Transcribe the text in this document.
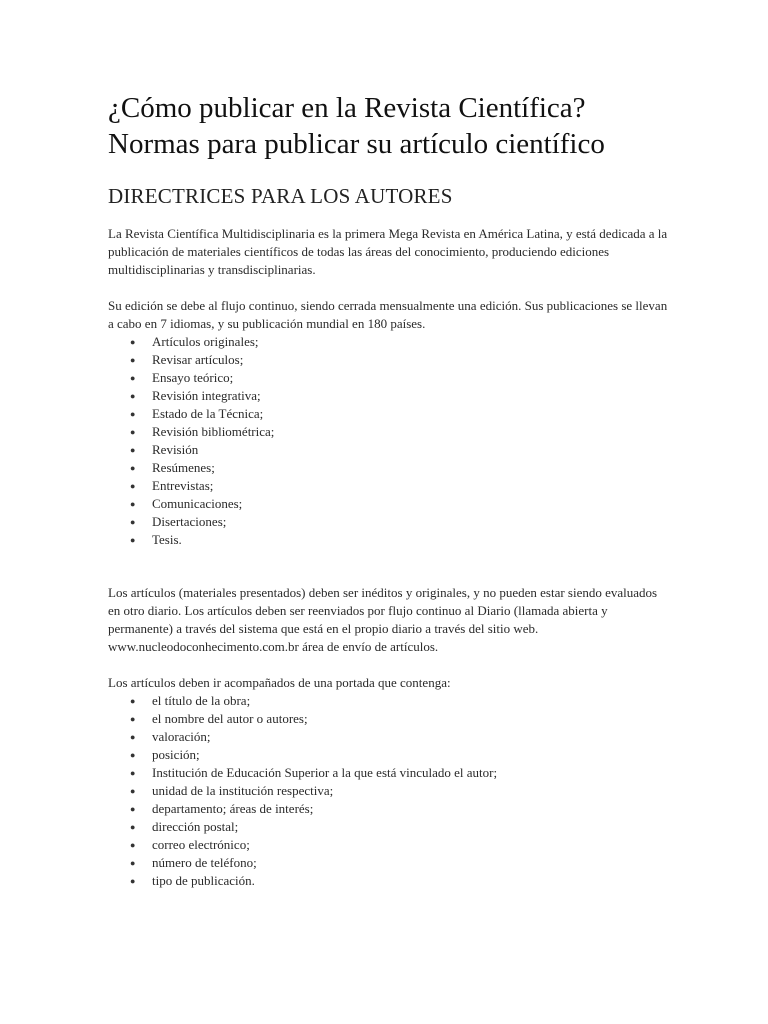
¿Cómo publicar en la Revista Científica?
Normas para publicar su artículo científico
DIRECTRICES PARA LOS AUTORES

La Revista Científica Multidisciplinaria es la primera Mega Revista en América Latina, y está dedicada a la publicación de materiales científicos de todas las áreas del conocimiento, produciendo ediciones multidisciplinarias y transdisciplinarias.

Su edición se debe al flujo continuo, siendo cerrada mensualmente una edición. Sus publicaciones se llevan a cabo en 7 idiomas, y su publicación mundial en 180 países.

● Artículos originales;
● Revisar artículos;
● Ensayo teórico;
● Revisión integrativa;
● Estado de la Técnica;
● Revisión bibliométrica;
● Revisión
● Resúmenes;
● Entrevistas;
● Comunicaciones;
● Disertaciones;
● Tesis.

Los artículos (materiales presentados) deben ser inéditos y originales, y no pueden estar siendo evaluados en otro diario. Los artículos deben ser reenviados por flujo continuo al Diario (llamada abierta y permanente) a través del sistema que está en el propio diario a través del sitio web. www.nucleodoconhecimento.com.br área de envío de artículos.

Los artículos deben ir acompañados de una portada que contenga:

● el título de la obra;
● el nombre del autor o autores;
● valoración;
● posición;
● Institución de Educación Superior a la que está vinculado el autor;
● unidad de la institución respectiva;
● departamento; áreas de interés;
● dirección postal;
● correo electrónico;
● número de teléfono;
● tipo de publicación.
